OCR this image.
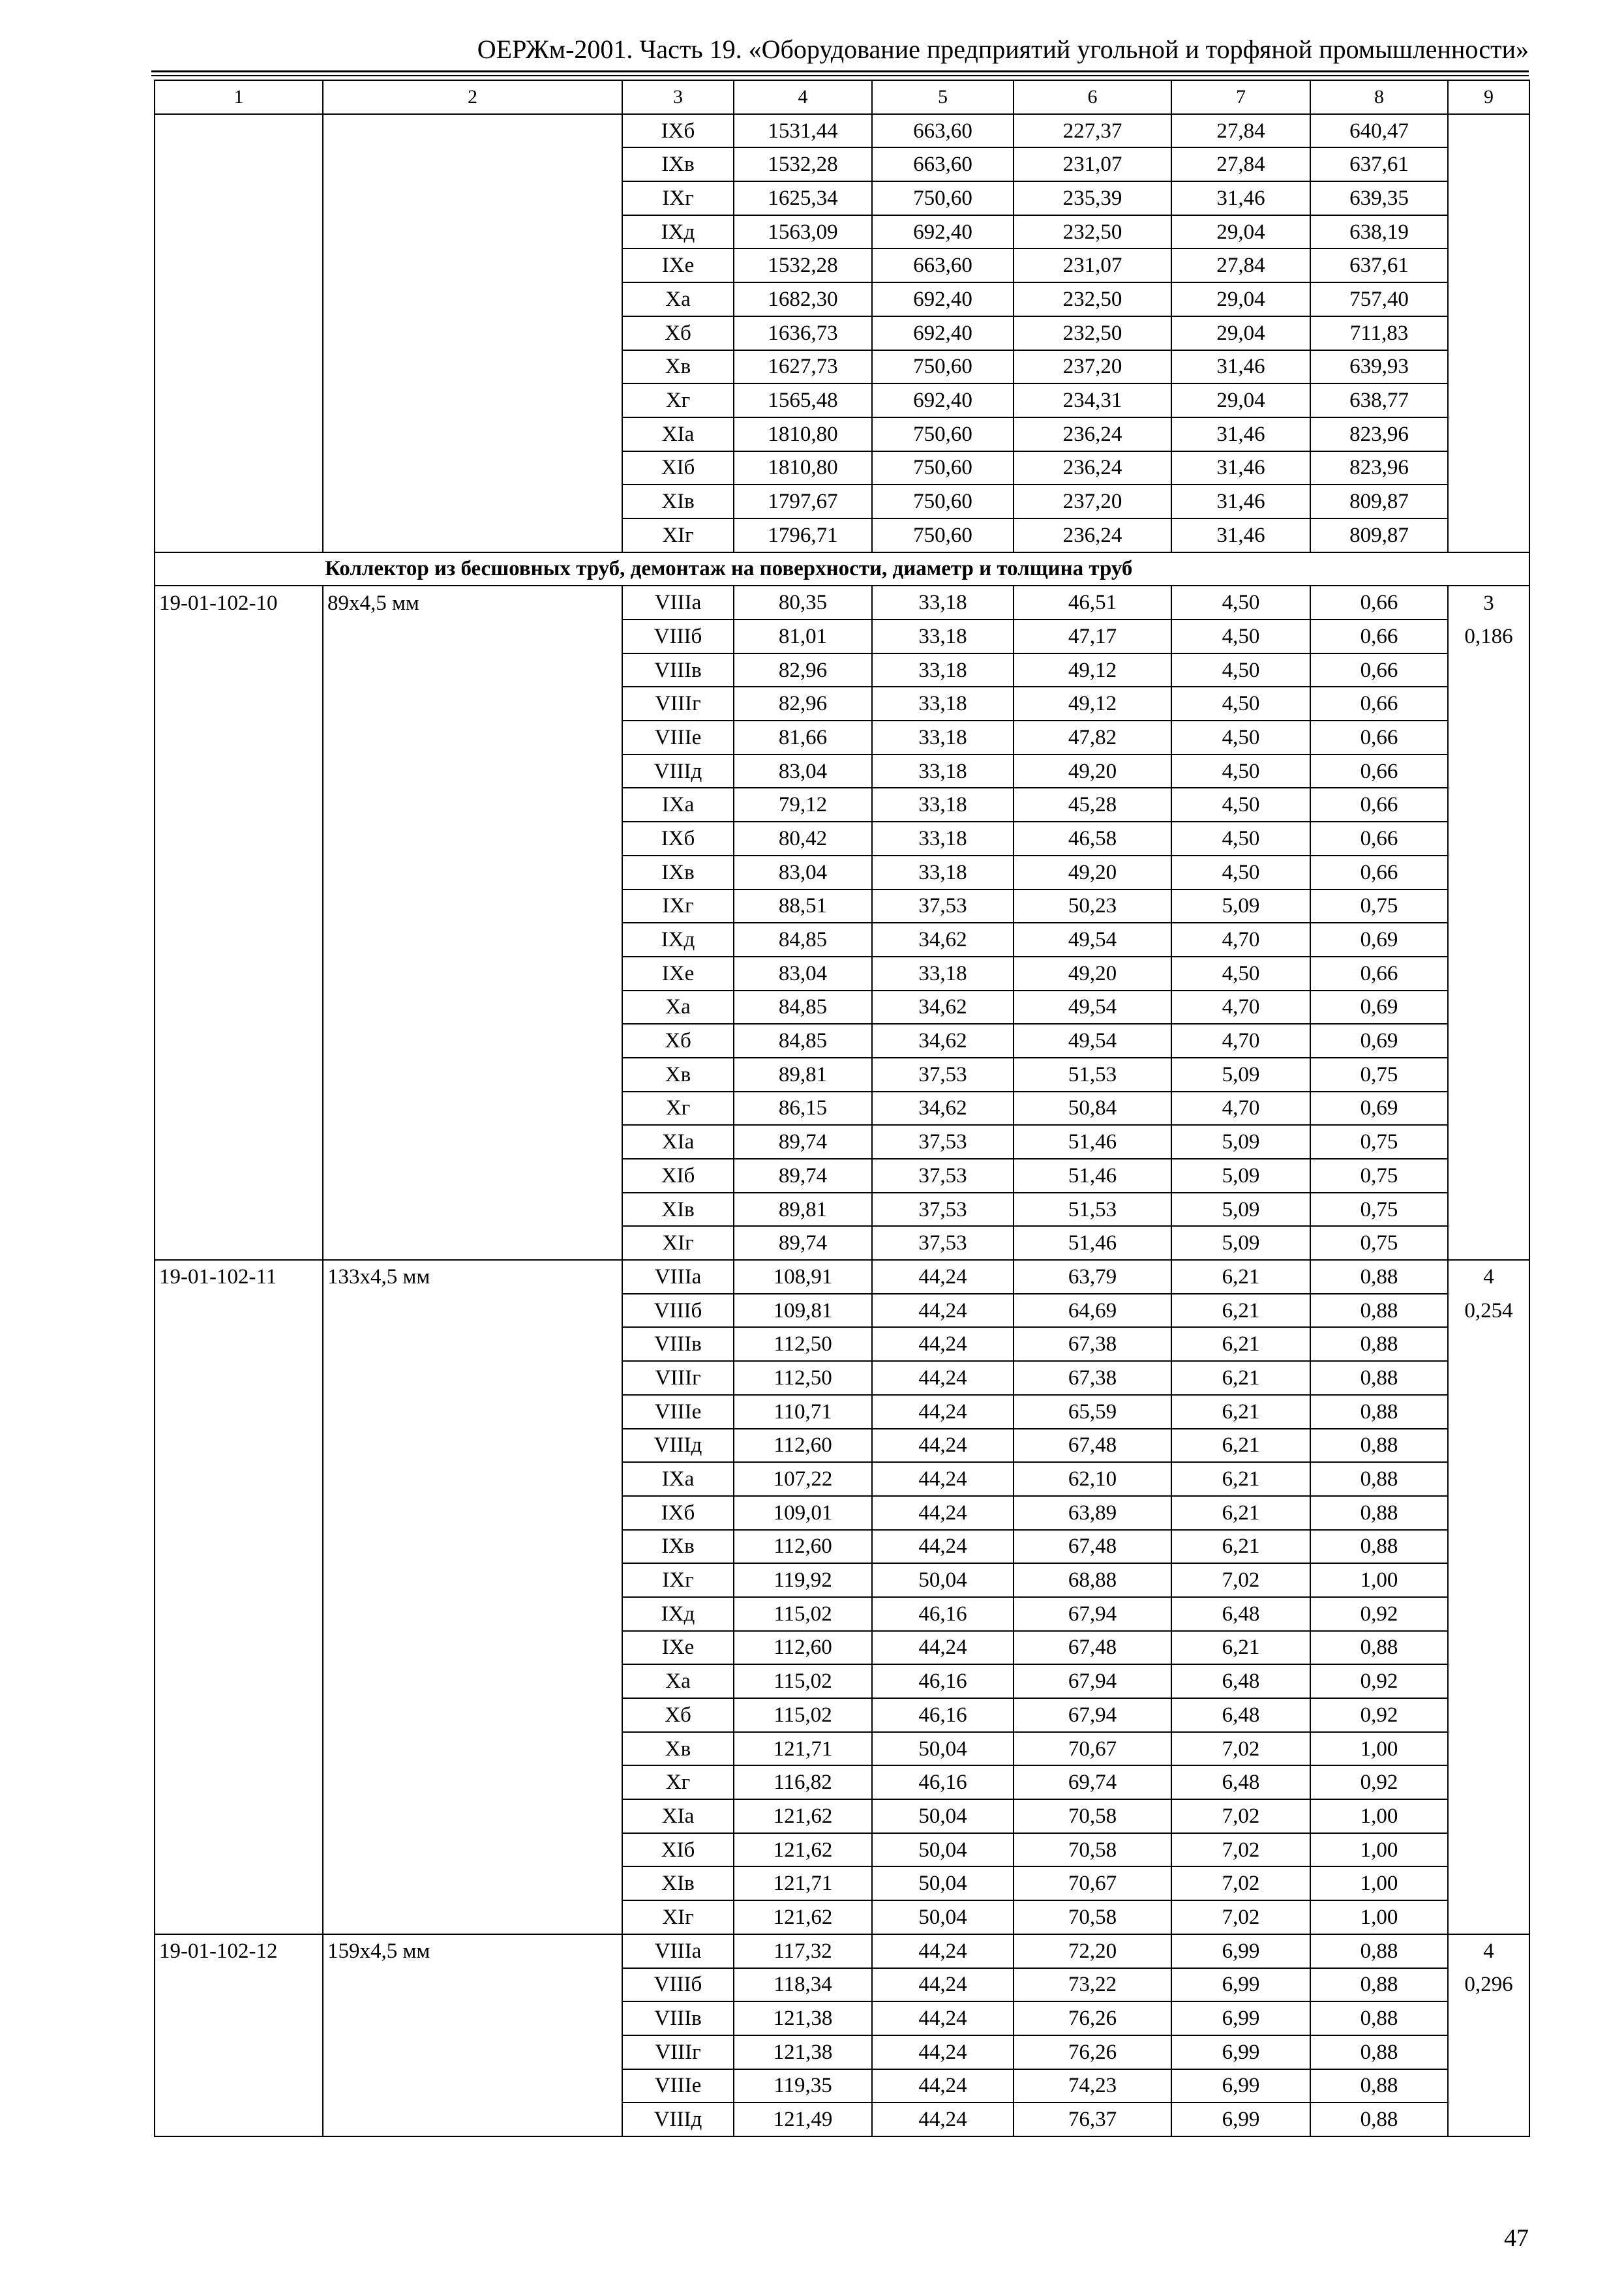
ОЕРЖм-2001. Часть 19. «Оборудование предприятий угольной и торфяной промышленности»
1	2	3	4	5	6	7	8	9
		IXб	1531,44	663,60	227,37	27,84	640,47	
		IXв	1532,28	663,60	231,07	27,84	637,61	
		IXг	1625,34	750,60	235,39	31,46	639,35	
		IXд	1563,09	692,40	232,50	29,04	638,19	
		IXе	1532,28	663,60	231,07	27,84	637,61	
		Xа	1682,30	692,40	232,50	29,04	757,40	
		Xб	1636,73	692,40	232,50	29,04	711,83	
		Xв	1627,73	750,60	237,20	31,46	639,93	
		Xг	1565,48	692,40	234,31	29,04	638,77	
		XIа	1810,80	750,60	236,24	31,46	823,96	
		XIб	1810,80	750,60	236,24	31,46	823,96	
		XIв	1797,67	750,60	237,20	31,46	809,87	
		XIг	1796,71	750,60	236,24	31,46	809,87	
Коллектор из бесшовных труб, демонтаж на поверхности, диаметр и толщина труб								
19-01-102-10	89х4,5 мм	VIIIа	80,35	33,18	46,51	4,50	0,66	3
		VIIIб	81,01	33,18	47,17	4,50	0,66	0,186
		VIIIв	82,96	33,18	49,12	4,50	0,66	
		VIIIг	82,96	33,18	49,12	4,50	0,66	
		VIIIе	81,66	33,18	47,82	4,50	0,66	
		VIIIд	83,04	33,18	49,20	4,50	0,66	
		IXа	79,12	33,18	45,28	4,50	0,66	
		IXб	80,42	33,18	46,58	4,50	0,66	
		IXв	83,04	33,18	49,20	4,50	0,66	
		IXг	88,51	37,53	50,23	5,09	0,75	
		IXд	84,85	34,62	49,54	4,70	0,69	
		IXе	83,04	33,18	49,20	4,50	0,66	
		Xа	84,85	34,62	49,54	4,70	0,69	
		Xб	84,85	34,62	49,54	4,70	0,69	
		Xв	89,81	37,53	51,53	5,09	0,75	
		Xг	86,15	34,62	50,84	4,70	0,69	
		XIа	89,74	37,53	51,46	5,09	0,75	
		XIб	89,74	37,53	51,46	5,09	0,75	
		XIв	89,81	37,53	51,53	5,09	0,75	
		XIг	89,74	37,53	51,46	5,09	0,75	
19-01-102-11	133х4,5 мм	VIIIа	108,91	44,24	63,79	6,21	0,88	4
		VIIIб	109,81	44,24	64,69	6,21	0,88	0,254
		VIIIв	112,50	44,24	67,38	6,21	0,88	
		VIIIг	112,50	44,24	67,38	6,21	0,88	
		VIIIе	110,71	44,24	65,59	6,21	0,88	
		VIIIд	112,60	44,24	67,48	6,21	0,88	
		IXа	107,22	44,24	62,10	6,21	0,88	
		IXб	109,01	44,24	63,89	6,21	0,88	
		IXв	112,60	44,24	67,48	6,21	0,88	
		IXг	119,92	50,04	68,88	7,02	1,00	
		IXд	115,02	46,16	67,94	6,48	0,92	
		IXе	112,60	44,24	67,48	6,21	0,88	
		Xа	115,02	46,16	67,94	6,48	0,92	
		Xб	115,02	46,16	67,94	6,48	0,92	
		Xв	121,71	50,04	70,67	7,02	1,00	
		Xг	116,82	46,16	69,74	6,48	0,92	
		XIа	121,62	50,04	70,58	7,02	1,00	
		XIб	121,62	50,04	70,58	7,02	1,00	
		XIв	121,71	50,04	70,67	7,02	1,00	
		XIг	121,62	50,04	70,58	7,02	1,00	
19-01-102-12	159х4,5 мм	VIIIа	117,32	44,24	72,20	6,99	0,88	4
		VIIIб	118,34	44,24	73,22	6,99	0,88	0,296
		VIIIв	121,38	44,24	76,26	6,99	0,88	
		VIIIг	121,38	44,24	76,26	6,99	0,88	
		VIIIе	119,35	44,24	74,23	6,99	0,88	
		VIIIд	121,49	44,24	76,37	6,99	0,88	
47
